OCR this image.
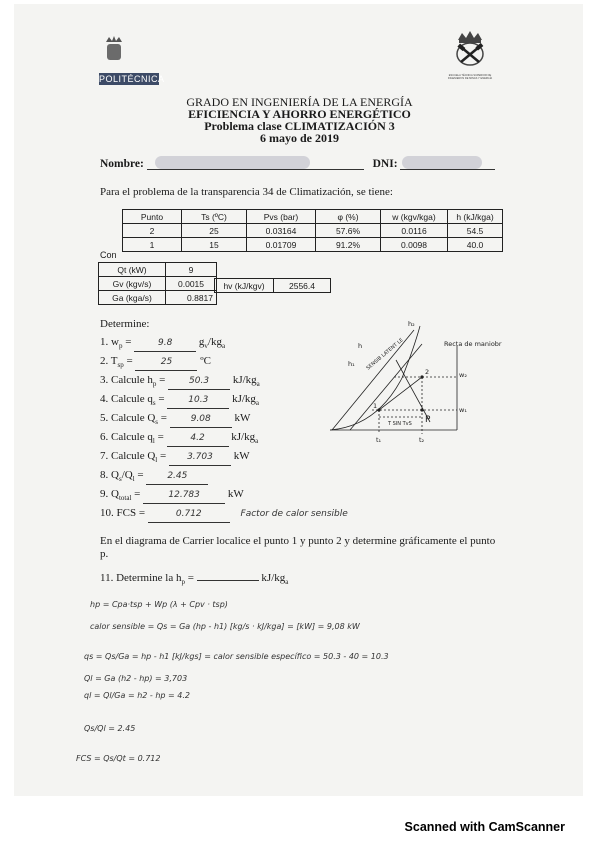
POLITÉCNICA	ESCUELA TÉCNICA SUPERIOR DE INGENIEROS DE MINAS Y ENERGÍA
GRADO EN INGENIERÍA DE LA ENERGÍA
EFICIENCIA Y AHORRO ENERGÉTICO
Problema clase CLIMATIZACIÓN 3
6 mayo de 2019
Nombre:	DNI:
Para el problema de la transparencia 34 de Climatización, se tiene:
Punto	Ts (ºC)	Pvs (bar)	φ (%)	w (kgv/kga)	h (kJ/kga)
2	25	0.03164	57.6%	0.0116	54.5
1	15	0.01709	91.2%	0.0098	40.0
Con
Qt (kW)	9
Gv (kgv/s)	0.0015
Ga (kga/s)	0.8817
hv (kJ/kgv)	2556.4
Determine:
1. $w_p$ =	9.8 $g_v/kg_a$
2. $T_{sp}$ =	25	ºC
3. Calcule $h_p = 50.3$ $kJ/kg_a$
4. Calcule $q_s = 10.3$ $kJ/kg_a$
5. Calcule $Q_s = 9.08$ kW
6. Calcule $q_l$ =	4.2 $kJ/kg_a$
7. Calcule $Q_l = 3.703$ kW
8. $Q_s/Q_l = 2.45$
9. $Q_{total}$ =	12.783	kW
10. FCS =	0.712	Factor de calor sensible
h₂
h
h₁ SENSIB LATENT LE	Recta de maniobr
w₂
w₁
1
2
P
T SIN TvS
t₁	t₂
En el diagrama de Carrier localice el punto 1 y punto 2 y determine gráficamente el punto p.
11. Determine la $h_p$ =	$kJ/kg_a$
hp = Cpa·tsp + Wp (λ + Cpv · tsp)
calor sensible = Qs = Ga (hp - h1) [kg/s · kJ/kga] = [kW] = 9,08 kW
qs = Qs/Ga = hp - h1 [kJ/kgs] = calor sensible específico = 50.3 - 40 = 10.3
Ql = Ga (h2 - hp) = 3,703
ql = Ql/Ga = h2 - hp = 4.2
Qs/Ql = 2.45
FCS = Qs/Qt = 0.712
Scanned with CamScanner
